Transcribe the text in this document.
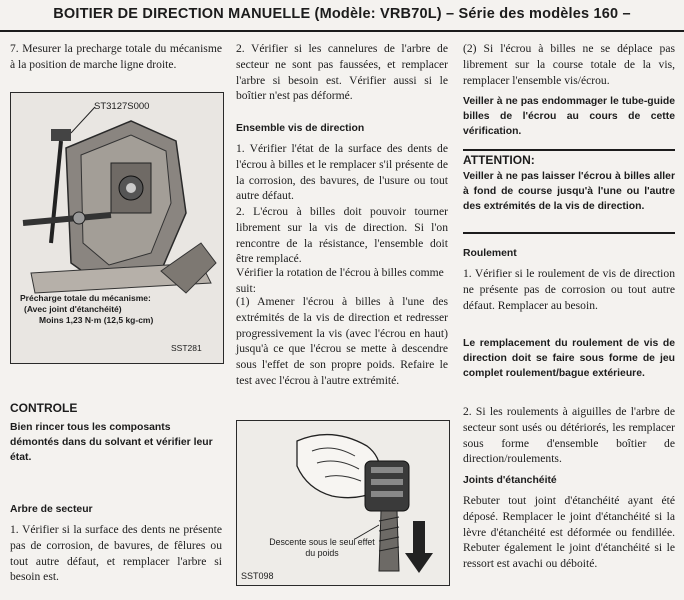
BOITIER DE DIRECTION MANUELLE (Modèle: VRB70L) – Série des modèles 160 –
7. Mesurer la precharge totale du mécanisme à la position de marche ligne droite.
ST3127S000
Précharge totale du mécanisme:
(Avec joint d'étanchéité)
Moins 1,23 N·m (12,5 kg-cm)
SST281
CONTROLE
Bien rincer tous les composants démontés dans du solvant et vérifier leur état.
Arbre de secteur
1. Vérifier si la surface des dents ne présente pas de corrosion, de bavures, de fêlures ou tout autre défaut, et remplacer l'arbre si besoin est.
2. Vérifier si les cannelures de l'arbre de secteur ne sont pas faussées, et remplacer l'arbre si besoin est. Vérifier aussi si le boîtier n'est pas déformé.
Ensemble vis de direction
1. Vérifier l'état de la surface des dents de l'écrou à billes et le remplacer s'il présente de la corrosion, des bavures, de l'usure ou tout autre défaut.
2. L'écrou à billes doit pouvoir tourner librement sur la vis de direction. Si l'on rencontre de la résistance, l'ensemble doit être remplacé.
Vérifier la rotation de l'écrou à billes comme suit:
(1) Amener l'écrou à billes à l'une des extrémités de la vis de direction et redresser progressivement la vis (avec l'écrou en haut) jusqu'à ce que l'écrou se mette à descendre sous l'effet de son propre poids. Refaire le test avec l'écrou à l'autre extrémité.
Descente sous le seul effet du poids
SST098
(2) Si l'écrou à billes ne se déplace pas librement sur la course totale de la vis, remplacer l'ensemble vis/écrou.
Veiller à ne pas endommager le tube-guide billes de l'écrou au cours de cette vérification.
ATTENTION:
Veiller à ne pas laisser l'écrou à billes aller à fond de course jusqu'à l'une ou l'autre des extrémités de la vis de direction.
Roulement
1. Vérifier si le roulement de vis de direction ne présente pas de corrosion ou tout autre défaut. Remplacer au besoin.
Le remplacement du roulement de vis de direction doit se faire sous forme de jeu complet roulement/bague extérieure.
2. Si les roulements à aiguilles de l'arbre de secteur sont usés ou détériorés, les remplacer sous forme d'ensemble boîtier de direction/roulements.
Joints d'étanchéité
Rebuter tout joint d'étanchéité ayant été déposé. Remplacer le joint d'étanchéité si la lèvre d'étanchéité est déformée ou fendillée. Rebuter également le joint d'étanchéité si le ressort est avachi ou déboité.
